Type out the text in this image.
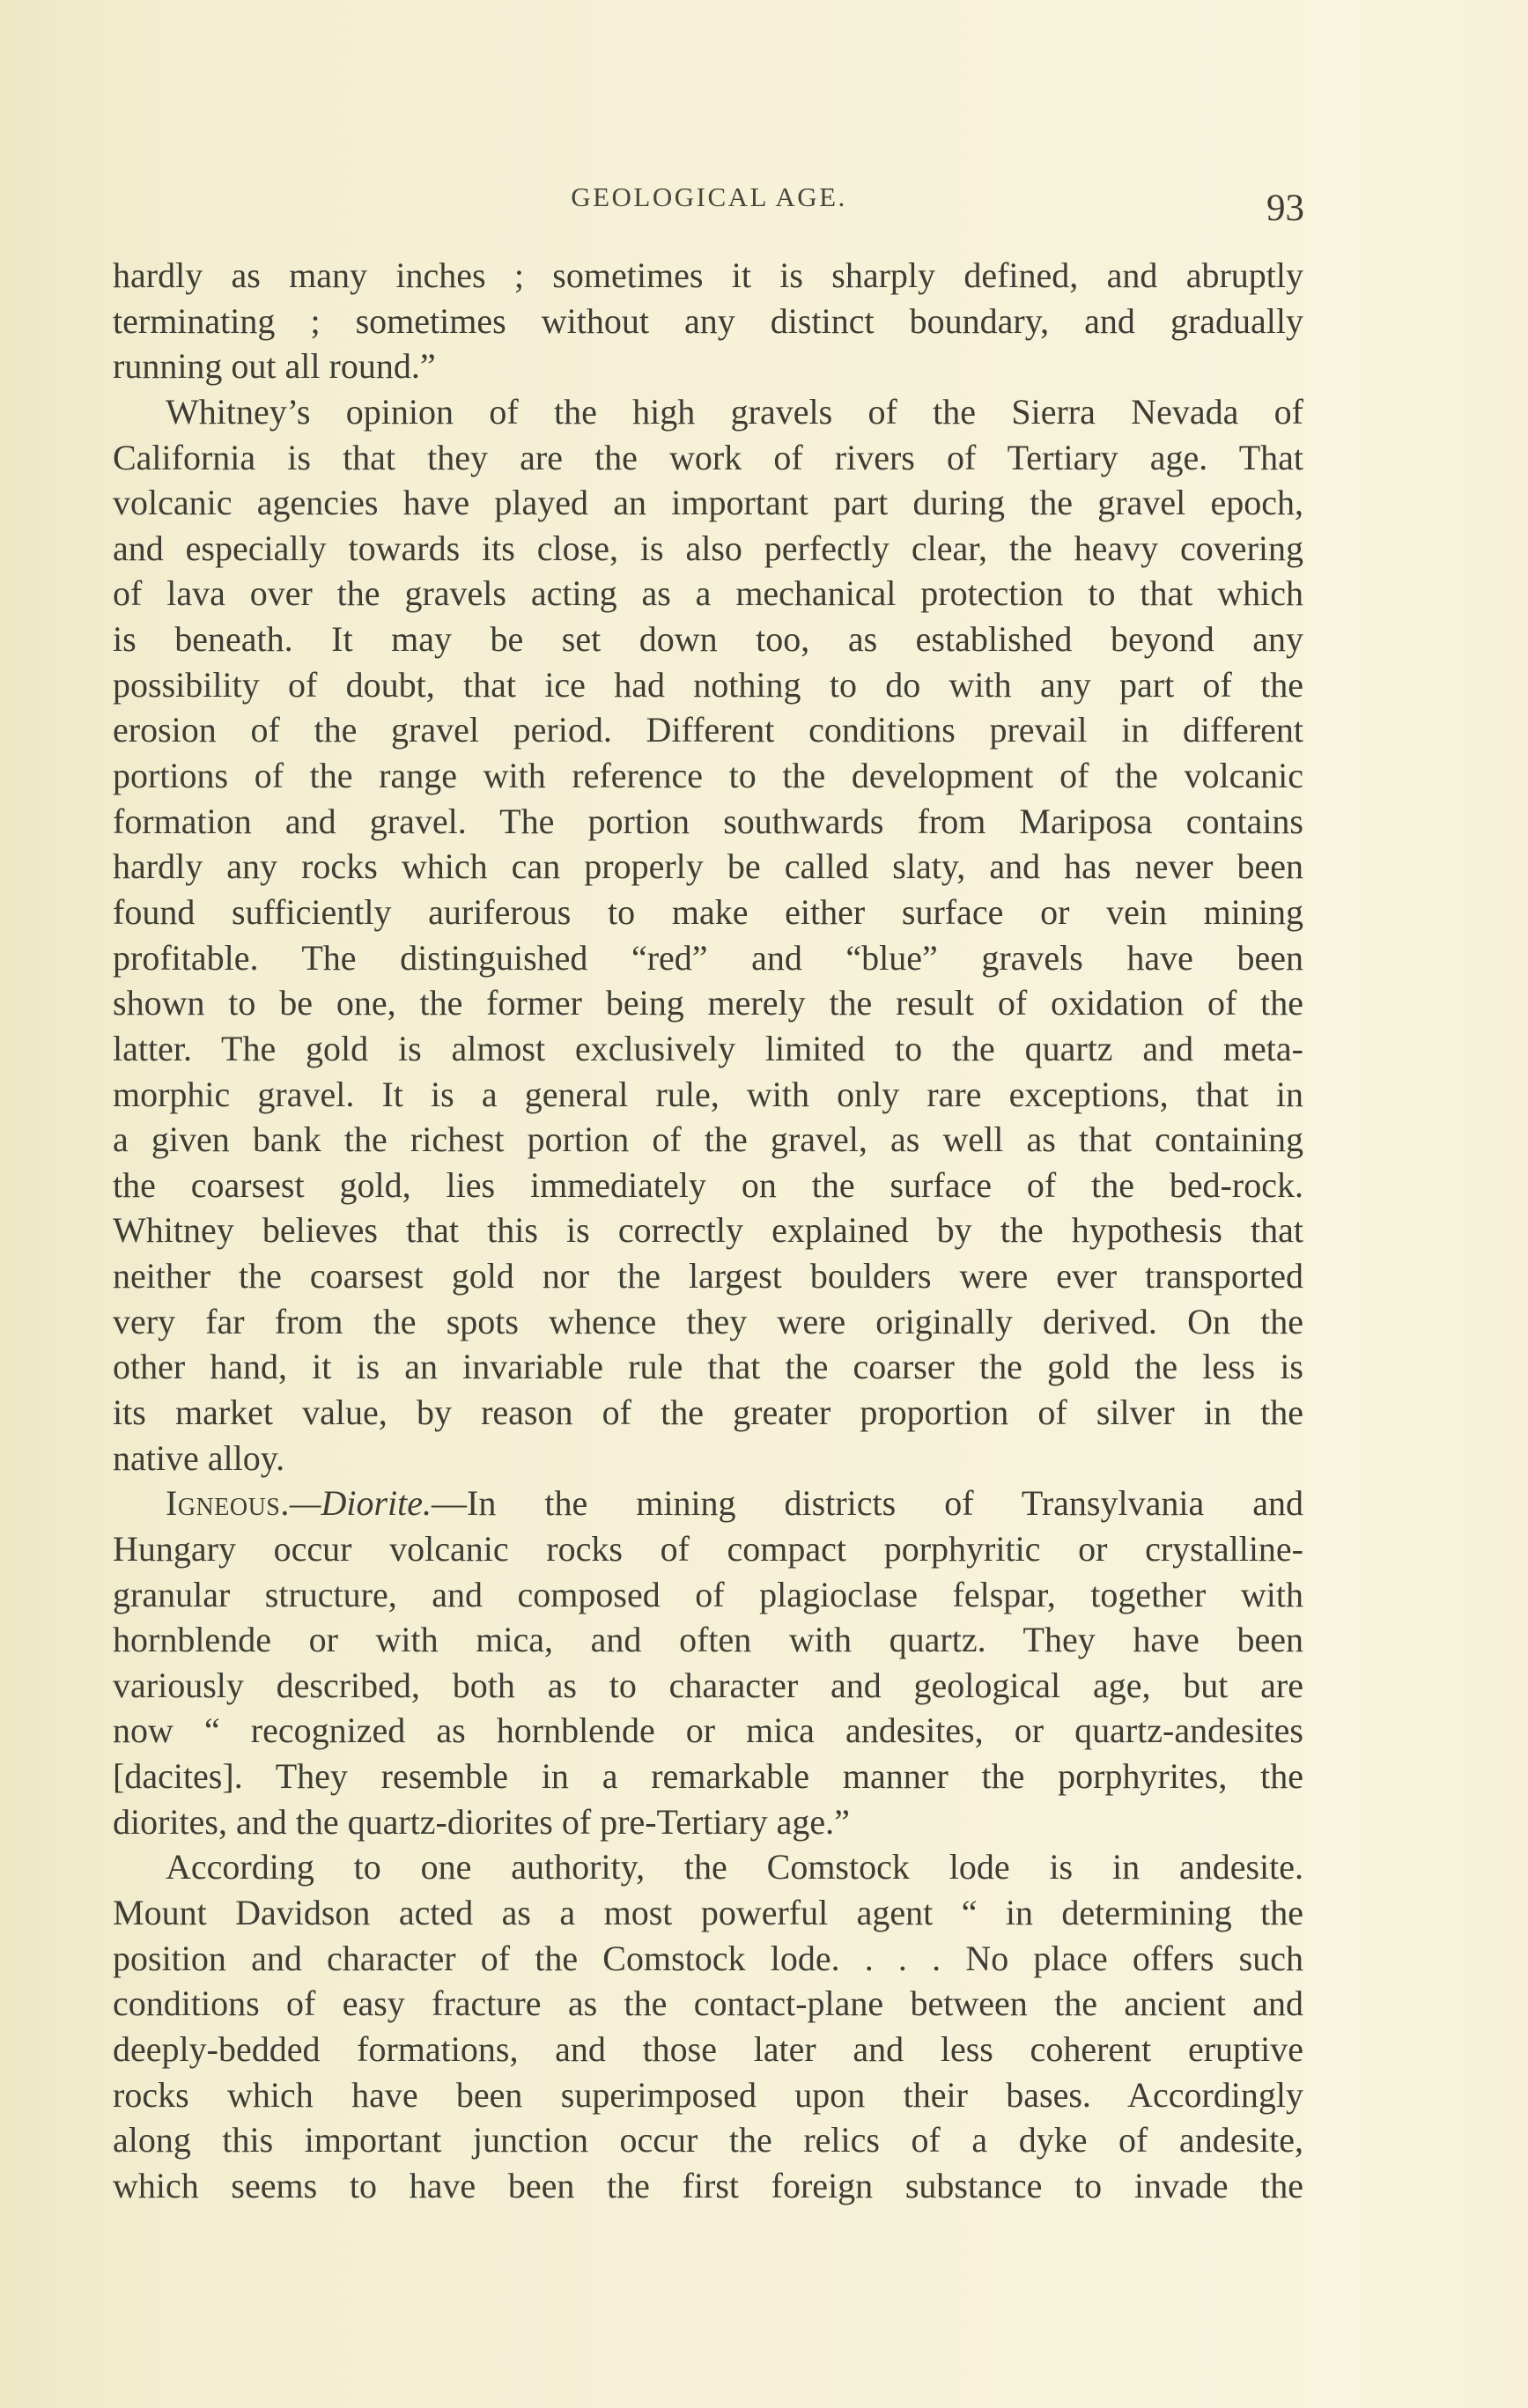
GEOLOGICAL AGE.	93
hardly as many inches ; sometimes it is sharply defined, and abruptly
terminating ; sometimes without any distinct boundary, and gradually
running out all round.”
Whitney’s opinion of the high gravels of the Sierra Nevada of
California is that they are the work of rivers of Tertiary age. That
volcanic agencies have played an important part during the gravel epoch,
and especially towards its close, is also perfectly clear, the heavy covering
of lava over the gravels acting as a mechanical protection to that which
is beneath. It may be set down too, as established beyond any
possibility of doubt, that ice had nothing to do with any part of the
erosion of the gravel period. Different conditions prevail in different
portions of the range with reference to the development of the volcanic
formation and gravel. The portion southwards from Mariposa contains
hardly any rocks which can properly be called slaty, and has never been
found sufficiently auriferous to make either surface or vein mining
profitable. The distinguished “red” and “blue” gravels have been
shown to be one, the former being merely the result of oxidation of the
latter. The gold is almost exclusively limited to the quartz and meta-
morphic gravel. It is a general rule, with only rare exceptions, that in
a given bank the richest portion of the gravel, as well as that containing
the coarsest gold, lies immediately on the surface of the bed-rock.
Whitney believes that this is correctly explained by the hypothesis that
neither the coarsest gold nor the largest boulders were ever transported
very far from the spots whence they were originally derived. On the
other hand, it is an invariable rule that the coarser the gold the less is
its market value, by reason of the greater proportion of silver in the
native alloy.
Igneous.—Diorite.—In the mining districts of Transylvania and
Hungary occur volcanic rocks of compact porphyritic or crystalline-
granular structure, and composed of plagioclase felspar, together with
hornblende or with mica, and often with quartz. They have been
variously described, both as to character and geological age, but are
now “ recognized as hornblende or mica andesites, or quartz-andesites
[dacites]. They resemble in a remarkable manner the porphyrites, the
diorites, and the quartz-diorites of pre-Tertiary age.”
According to one authority, the Comstock lode is in andesite.
Mount Davidson acted as a most powerful agent “ in determining the
position and character of the Comstock lode. . . . No place offers such
conditions of easy fracture as the contact-plane between the ancient and
deeply-bedded formations, and those later and less coherent eruptive
rocks which have been superimposed upon their bases. Accordingly
along this important junction occur the relics of a dyke of andesite,
which seems to have been the first foreign substance to invade the
